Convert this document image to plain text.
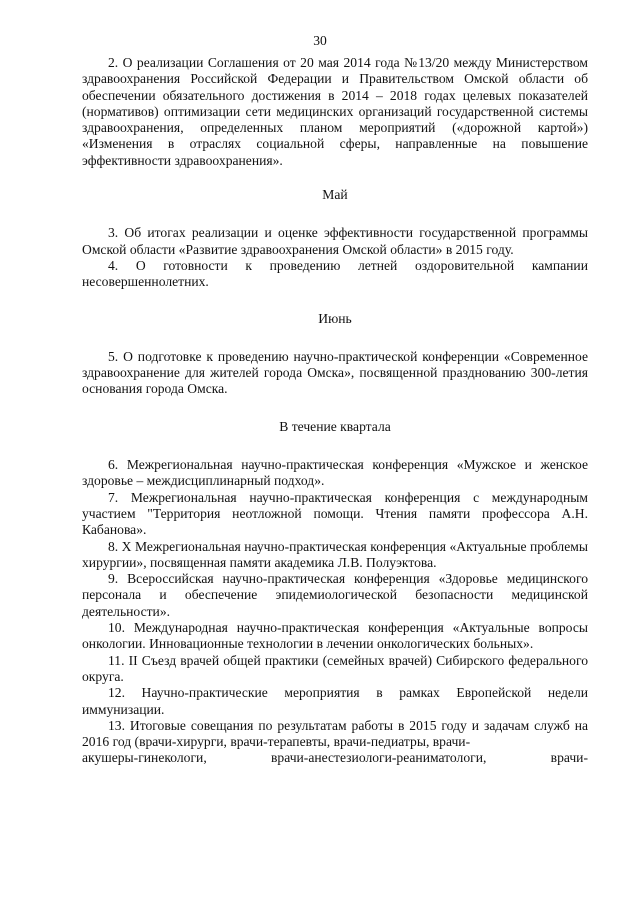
30

2. О реализации Соглашения от 20 мая 2014 года №13/20 между Министерством здравоохранения Российской Федерации и Правительством Омской области об обеспечении обязательного достижения в 2014 – 2018 годах целевых показателей (нормативов) оптимизации сети медицинских организаций государственной системы здравоохранения, определенных планом мероприятий («дорожной картой») «Изменения в отраслях социальной сферы, направленные на повышение эффективности здравоохранения».

Май

3. Об итогах реализации и оценке эффективности государственной программы Омской области «Развитие здравоохранения Омской области» в 2015 году.

4. О готовности к проведению летней оздоровительной кампании несовершеннолетних.

Июнь

5. О подготовке к проведению научно-практической конференции «Современное здравоохранение для жителей города Омска», посвященной празднованию 300-летия основания города Омска.

В течение квартала

6. Межрегиональная научно-практическая конференция «Мужское и женское здоровье – междисциплинарный подход».

7. Межрегиональная научно-практическая конференция с международным участием "Территория неотложной помощи. Чтения памяти профессора А.Н. Кабанова».

8. X Межрегиональная научно-практическая конференция «Актуальные проблемы хирургии», посвященная памяти академика Л.В. Полуэктова.

9. Всероссийская научно-практическая конференция «Здоровье медицинского персонала и обеспечение эпидемиологической безопасности медицинской деятельности».

10. Международная научно-практическая конференция «Актуальные вопросы онкологии. Инновационные технологии в лечении онкологических больных».

11. II Съезд врачей общей практики (семейных врачей) Сибирского федерального округа.

12. Научно-практические мероприятия в рамках Европейской недели иммунизации.

13. Итоговые совещания по результатам работы в 2015 году и задачам служб на 2016 год (врачи-хирурги, врачи-терапевты, врачи-педиатры, врачи-

акушеры-гинекологи, врачи-анестезиологи-реаниматологи, врачи-
